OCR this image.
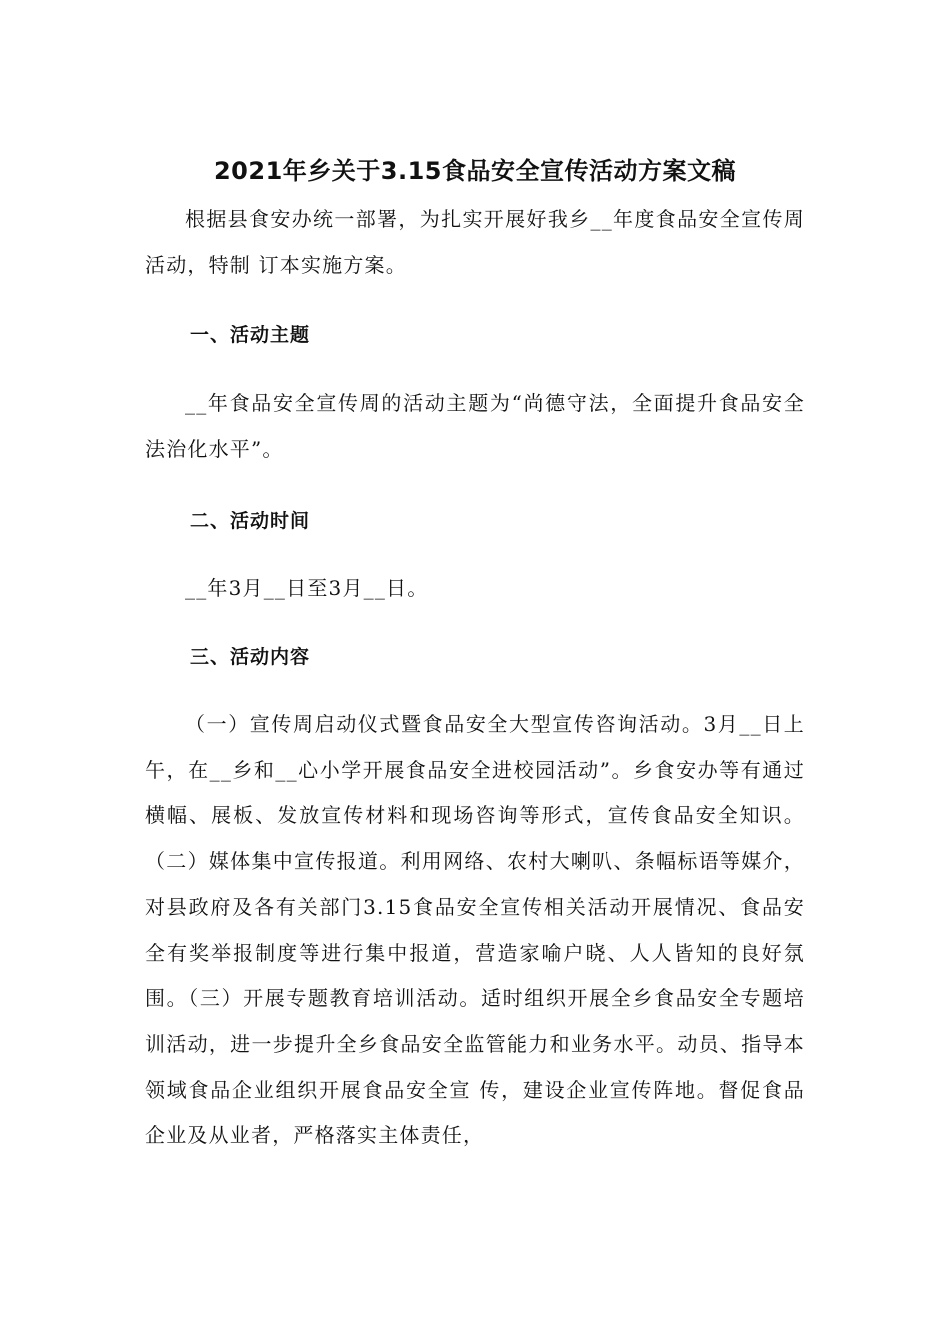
2021年乡关于3.15食品安全宣传活动方案文稿

根据县食安办统一部署，为扎实开展好我乡__年度食品安全宣传周活动，特制 订本实施方案。

一、活动主题

__年食品安全宣传周的活动主题为“尚德守法，全面提升食品安全法治化水平”。

二、活动时间

__年3月__日至3月__日。

三、活动内容

（一）宣传周启动仪式暨食品安全大型宣传咨询活动。3月__日上午，在__乡和__心小学开展食品安全进校园活动”。乡食安办等有通过横幅、展板、发放宣传材料和现场咨询等形式，宣传食品安全知识。 （二）媒体集中宣传报道。利用网络、农村大喇叭、条幅标语等媒介，对县政府及各有关部门3.15食品安全宣传相关活动开展情况、食品安全有奖举报制度等进行集中报道，营造家喻户晓、人人皆知的良好氛围。（三）开展专题教育培训活动。适时组织开展全乡食品安全专题培训活动，进一步提升全乡食品安全监管能力和业务水平。动员、指导本领域食品企业组织开展食品安全宣 传，建设企业宣传阵地。督促食品企业及从业者，严格落实主体责任，
